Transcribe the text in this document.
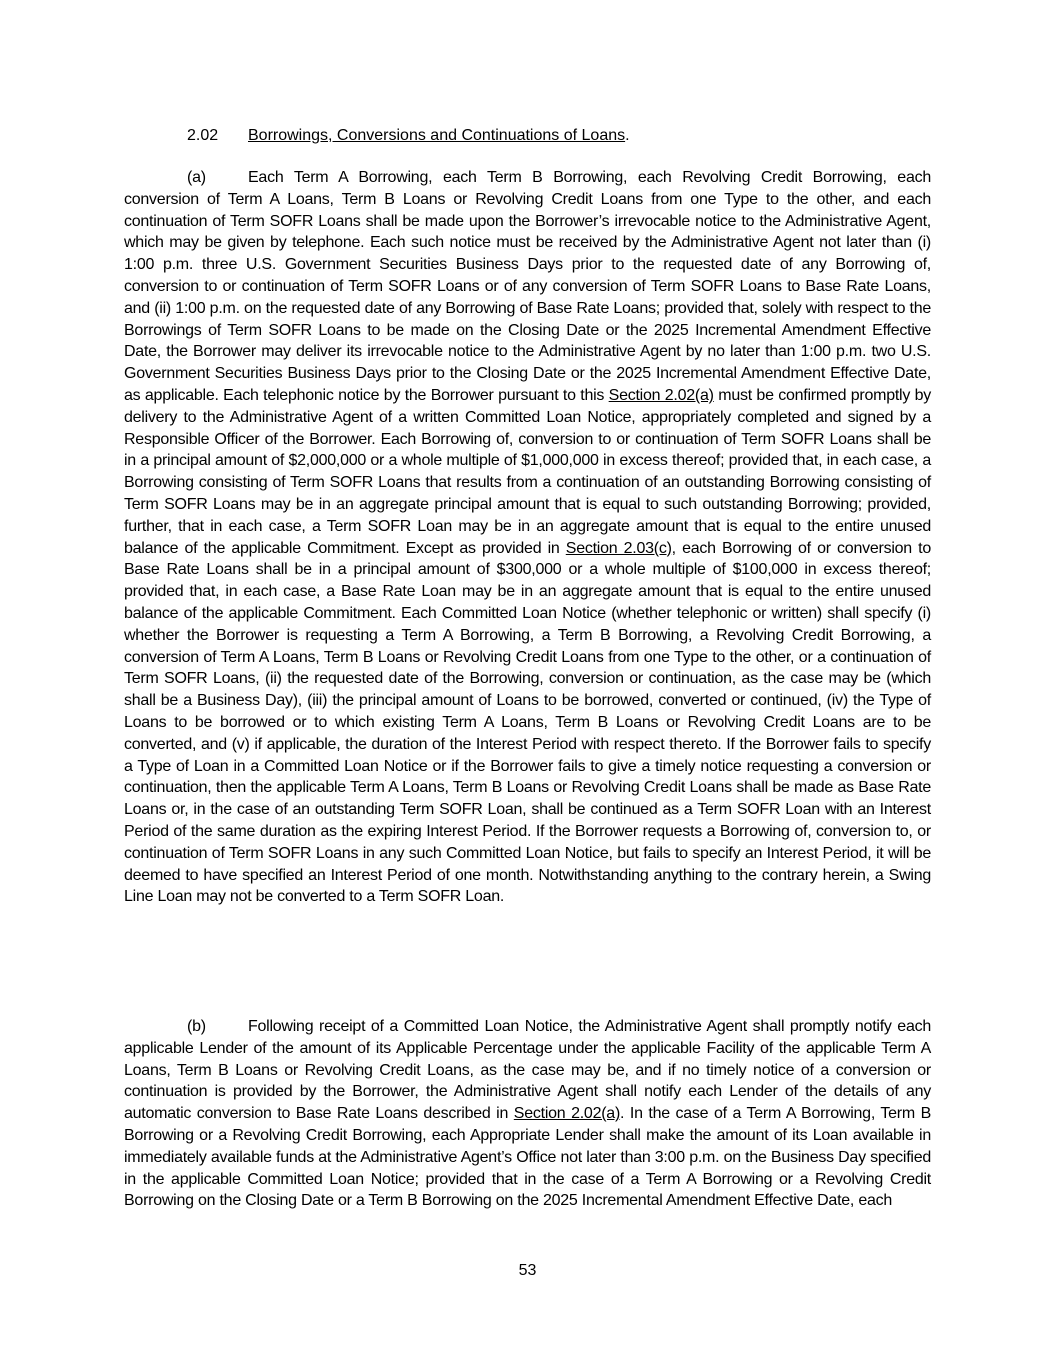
2.02 Borrowings, Conversions and Continuations of Loans.
(a)	Each Term A Borrowing, each Term B Borrowing, each Revolving Credit Borrowing, each conversion of Term A Loans, Term B Loans or Revolving Credit Loans from one Type to the other, and each continuation of Term SOFR Loans shall be made upon the Borrower’s irrevocable notice to the Administrative Agent, which may be given by telephone. Each such notice must be received by the Administrative Agent not later than (i) 1:00 p.m. three U.S. Government Securities Business Days prior to the requested date of any Borrowing of, conversion to or continuation of Term SOFR Loans or of any conversion of Term SOFR Loans to Base Rate Loans, and (ii) 1:00 p.m. on the requested date of any Borrowing of Base Rate Loans; provided that, solely with respect to the Borrowings of Term SOFR Loans to be made on the Closing Date or the 2025 Incremental Amendment Effective Date, the Borrower may deliver its irrevocable notice to the Administrative Agent by no later than 1:00 p.m. two U.S. Government Securities Business Days prior to the Closing Date or the 2025 Incremental Amendment Effective Date, as applicable. Each telephonic notice by the Borrower pursuant to this Section 2.02(a) must be confirmed promptly by delivery to the Administrative Agent of a written Committed Loan Notice, appropriately completed and signed by a Responsible Officer of the Borrower. Each Borrowing of, conversion to or continuation of Term SOFR Loans shall be in a principal amount of $2,000,000 or a whole multiple of $1,000,000 in excess thereof; provided that, in each case, a Borrowing consisting of Term SOFR Loans that results from a continuation of an outstanding Borrowing consisting of Term SOFR Loans may be in an aggregate principal amount that is equal to such outstanding Borrowing; provided, further, that in each case, a Term SOFR Loan may be in an aggregate amount that is equal to the entire unused balance of the applicable Commitment. Except as provided in Section 2.03(c), each Borrowing of or conversion to Base Rate Loans shall be in a principal amount of $300,000 or a whole multiple of $100,000 in excess thereof; provided that, in each case, a Base Rate Loan may be in an aggregate amount that is equal to the entire unused balance of the applicable Commitment. Each Committed Loan Notice (whether telephonic or written) shall specify (i) whether the Borrower is requesting a Term A Borrowing, a Term B Borrowing, a Revolving Credit Borrowing, a conversion of Term A Loans, Term B Loans or Revolving Credit Loans from one Type to the other, or a continuation of Term SOFR Loans, (ii) the requested date of the Borrowing, conversion or continuation, as the case may be (which shall be a Business Day), (iii) the principal amount of Loans to be borrowed, converted or continued, (iv) the Type of Loans to be borrowed or to which existing Term A Loans, Term B Loans or Revolving Credit Loans are to be converted, and (v) if applicable, the duration of the Interest Period with respect thereto. If the Borrower fails to specify a Type of Loan in a Committed Loan Notice or if the Borrower fails to give a timely notice requesting a conversion or continuation, then the applicable Term A Loans, Term B Loans or Revolving Credit Loans shall be made as Base Rate Loans or, in the case of an outstanding Term SOFR Loan, shall be continued as a Term SOFR Loan with an Interest Period of the same duration as the expiring Interest Period. If the Borrower requests a Borrowing of, conversion to, or continuation of Term SOFR Loans in any such Committed Loan Notice, but fails to specify an Interest Period, it will be deemed to have specified an Interest Period of one month. Notwithstanding anything to the contrary herein, a Swing Line Loan may not be converted to a Term SOFR Loan.
(b)	Following receipt of a Committed Loan Notice, the Administrative Agent shall promptly notify each applicable Lender of the amount of its Applicable Percentage under the applicable Facility of the applicable Term A Loans, Term B Loans or Revolving Credit Loans, as the case may be, and if no timely notice of a conversion or continuation is provided by the Borrower, the Administrative Agent shall notify each Lender of the details of any automatic conversion to Base Rate Loans described in Section 2.02(a). In the case of a Term A Borrowing, Term B Borrowing or a Revolving Credit Borrowing, each Appropriate Lender shall make the amount of its Loan available in immediately available funds at the Administrative Agent’s Office not later than 3:00 p.m. on the Business Day specified in the applicable Committed Loan Notice; provided that in the case of a Term A Borrowing or a Revolving Credit Borrowing on the Closing Date or a Term B Borrowing on the 2025 Incremental Amendment Effective Date, each
53
